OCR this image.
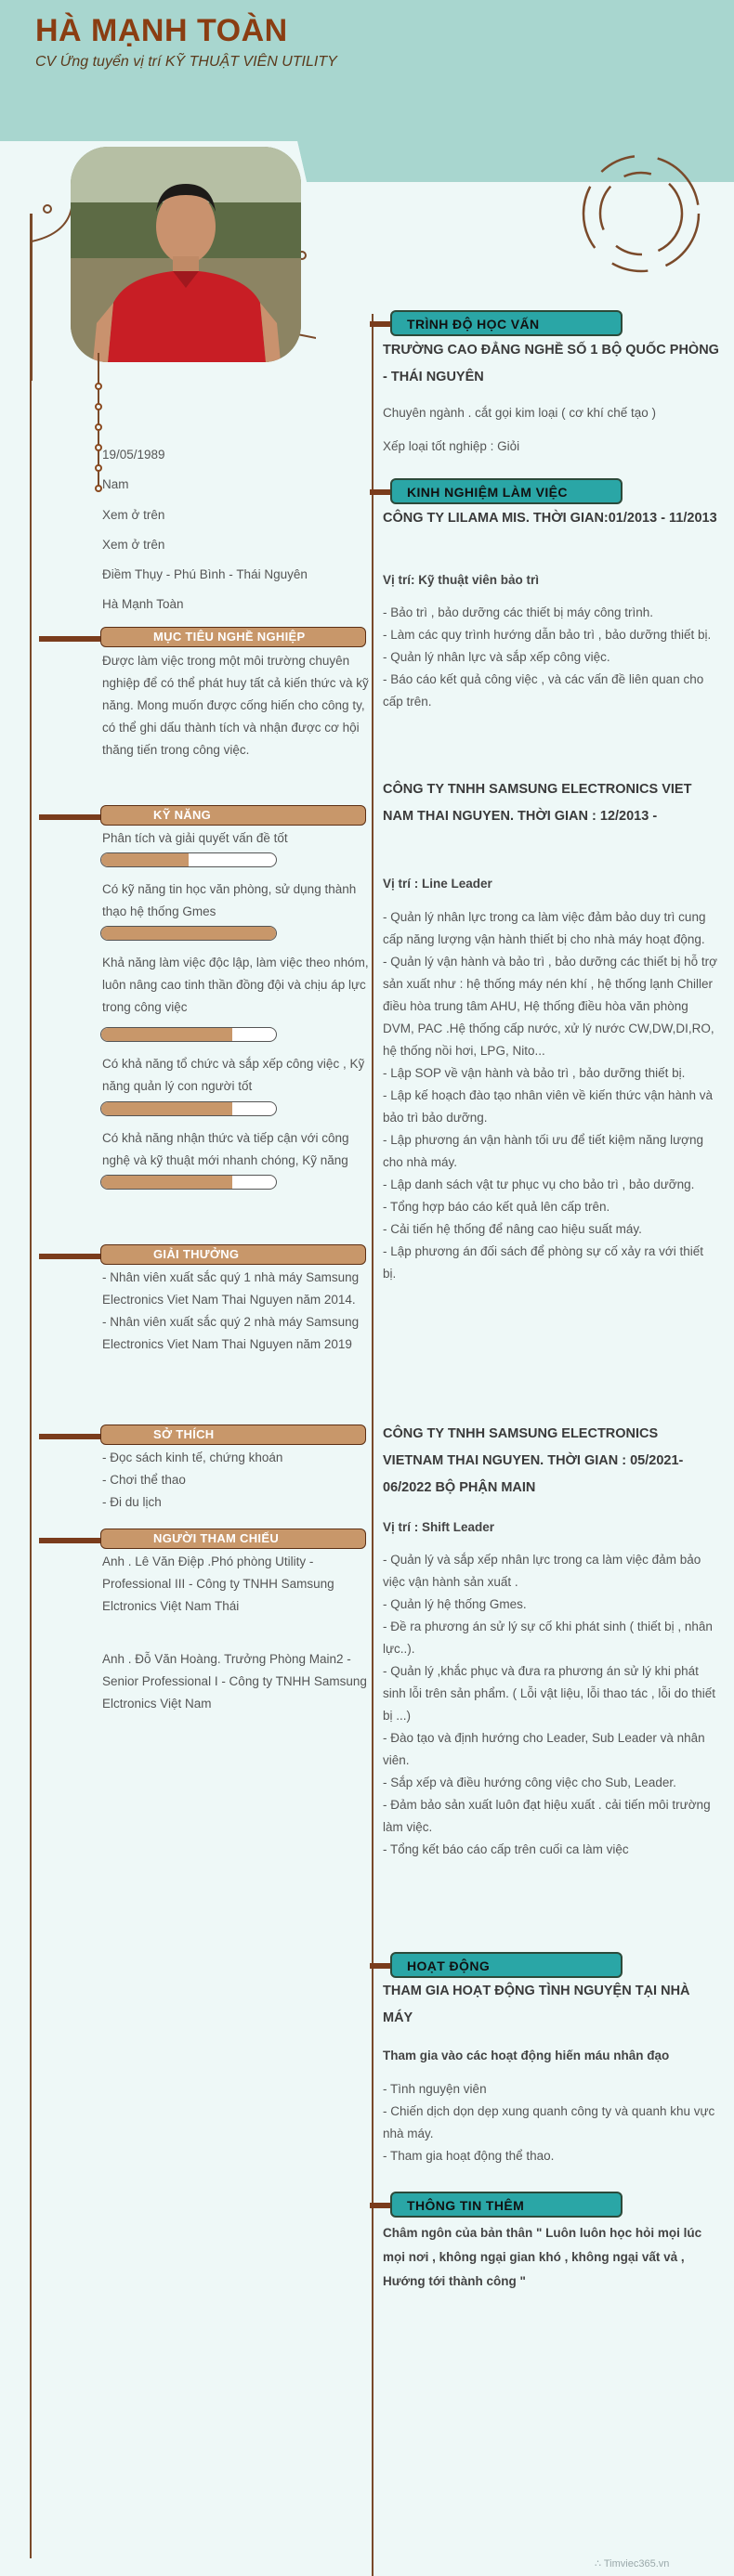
HÀ MẠNH TOÀN
CV Ứng tuyển vị trí KỸ THUẬT VIÊN UTILITY
19/05/1989
Nam
Xem ở trên
Xem ở trên
Điềm Thụy - Phú Bình - Thái Nguyên
Hà Mạnh Toàn
MỤC TIÊU NGHỀ NGHIỆP
Được làm việc trong một môi trường chuyên nghiệp để có thể phát huy tất cả kiến thức và kỹ năng. Mong muốn được cống hiến cho công ty, có thể ghi dấu thành tích và nhận được cơ hội thăng tiến trong công việc.
KỸ NĂNG
Phân tích và giải quyết vấn đề tốt
Có kỹ năng tin học văn phòng, sử dụng thành thạo hệ thống Gmes
Khả năng làm việc độc lập, làm việc theo nhóm, luôn nâng cao tinh thần đồng đội và chịu áp lực trong công việc
Có khả năng tổ chức và sắp xếp công việc , Kỹ năng quản lý con người tốt
Có khả năng nhận thức và tiếp cận với công nghệ và kỹ thuật mới nhanh chóng, Kỹ năng
GIẢI THƯỞNG

- Nhân viên xuất sắc quý 1 nhà máy Samsung Electronics Viet Nam Thai Nguyen năm 2014.

- Nhân viên xuất sắc quý 2 nhà máy Samsung Electronics Viet Nam Thai Nguyen năm 2019

SỞ THÍCH

- Đọc sách kinh tế, chứng khoán

- Chơi thể thao

- Đi du lịch

NGƯỜI THAM CHIẾU
Anh . Lê Văn Điệp .Phó phòng Utility - Professional III - Công ty TNHH Samsung Elctronics Việt Nam Thái
Anh . Đỗ Văn Hoàng. Trưởng Phòng Main2 - Senior Professional I - Công ty TNHH Samsung Elctronics Việt Nam
TRÌNH ĐỘ HỌC VẤN
TRƯỜNG CAO ĐẲNG NGHỀ SỐ 1 BỘ QUỐC PHÒNG - THÁI NGUYÊN
Chuyên ngành . cắt gọi kim loại ( cơ khí chế tạo )
Xếp loại tốt nghiệp : Giỏi
KINH NGHIỆM LÀM VIỆC
CÔNG TY LILAMA MIS. THỜI GIAN:01/2013 - 11/2013
Vị trí: Kỹ thuật viên bảo trì

- Bảo trì , bảo dưỡng các thiết bị máy công trình.

- Làm các quy trình hướng dẫn bảo trì , bảo dưỡng thiết bị.

- Quản lý nhân lực và sắp xếp công việc.

- Báo cáo kết quả công việc , và các vấn đề liên quan cho cấp trên.

CÔNG TY TNHH SAMSUNG ELECTRONICS VIET NAM THAI NGUYEN. THỜI GIAN : 12/2013 -
Vị trí : Line Leader

- Quản lý nhân lực trong ca làm việc đảm bảo duy trì cung cấp năng lượng vận hành thiết bị cho nhà máy hoạt động.

- Quản lý vận hành và bảo trì , bảo dưỡng các thiết bị hỗ trợ sản xuất như : hệ thống máy nén khí , hệ thống lạnh Chiller điều hòa trung tâm AHU, Hệ thống điều hòa văn phòng DVM, PAC .Hệ thống cấp nước, xử lý nước CW,DW,DI,RO, hệ thống nồi hơi, LPG, Nito...

- Lập SOP về vận hành và bảo trì , bảo dưỡng thiết bị.

- Lập kế hoạch đào tạo nhân viên về kiến thức vận hành và bảo trì bảo dưỡng.

- Lập phương án vận hành tối ưu để tiết kiệm năng lượng cho nhà máy.

- Lập danh sách vật tư phục vụ cho bảo trì , bảo dưỡng.

- Tổng hợp báo cáo kết quả lên cấp trên.

- Cải tiến hệ thống để nâng cao hiệu suất máy.

- Lập phương án đối sách để phòng sự cố xảy ra với thiết bị.

CÔNG TY TNHH SAMSUNG ELECTRONICS VIETNAM THAI NGUYEN. THỜI GIAN : 05/2021-06/2022 BỘ PHẬN MAIN
Vị trí : Shift Leader

- Quản lý và sắp xếp nhân lực trong ca làm việc đảm bảo việc vận hành sản xuất .

- Quản lý hệ thống Gmes.

- Đề ra phương án sử lý sự cố khi phát sinh ( thiết bị , nhân lực..).

- Quản lý ,khắc phục và đưa ra phương án sử lý khi phát sinh lỗi trên sản phẩm. ( Lỗi vật liệu, lỗi thao tác , lỗi do thiết bị ...)

- Đào tạo và định hướng cho Leader, Sub Leader và nhân viên.

- Sắp xếp và điều hướng công việc cho Sub, Leader.

- Đảm bảo sản xuất luôn đạt hiệu xuất . cải tiến môi trường làm việc.

- Tổng kết báo cáo cấp trên cuối ca làm việc

HOẠT ĐỘNG
THAM GIA HOẠT ĐỘNG TÌNH NGUYỆN TẠI NHÀ MÁY
Tham gia vào các hoạt động hiến máu nhân đạo

- Tình nguyện viên

- Chiến dịch dọn dẹp xung quanh công ty và quanh khu vực nhà máy.

- Tham gia hoạt động thể thao.

THÔNG TIN THÊM
Châm ngôn của bản thân " Luôn luôn học hỏi mọi lúc mọi nơi , không ngại gian khó , không ngại vất vả , Hướng tới thành công "
∴ Timviec365.vn
